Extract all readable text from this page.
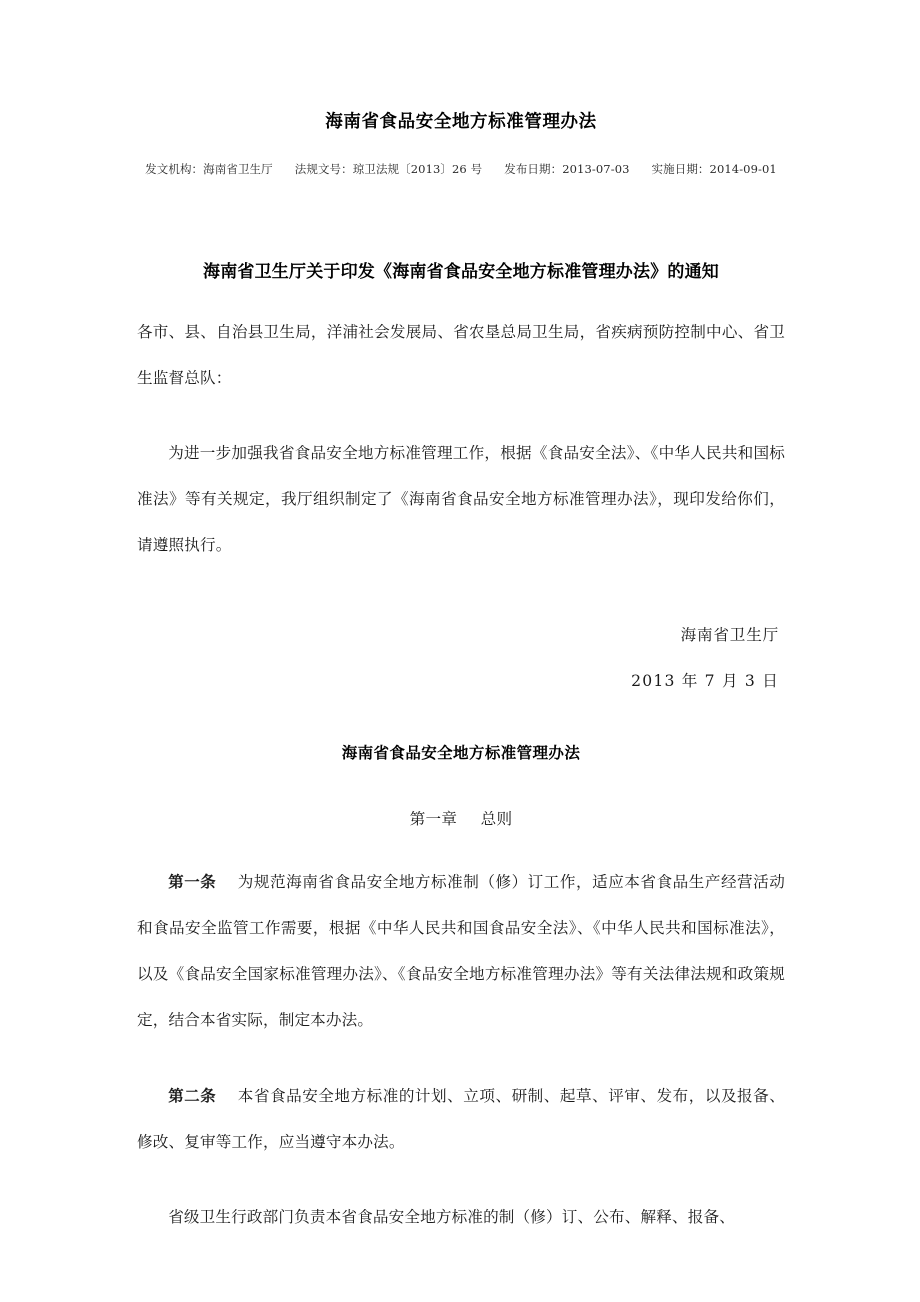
海南省食品安全地方标准管理办法
发文机构：海南省卫生厅 法规文号：琼卫法规〔2013〕26 号 发布日期：2013-07-03 实施日期：2014-09-01
海南省卫生厅关于印发《海南省食品安全地方标准管理办法》的通知

各市、县、自治县卫生局，洋浦社会发展局、省农垦总局卫生局，省疾病预防控制中心、省卫生监督总队：

为进一步加强我省食品安全地方标准管理工作，根据《食品安全法》、《中华人民共和国标准法》等有关规定，我厅组织制定了《海南省食品安全地方标准管理办法》，现印发给你们，请遵照执行。

海南省卫生厅
2013 年 7 月 3 日
海南省食品安全地方标准管理办法

第一章 总则

第一条 为规范海南省食品安全地方标准制（修）订工作，适应本省食品生产经营活动和食品安全监管工作需要，根据《中华人民共和国食品安全法》、《中华人民共和国标准法》，以及《食品安全国家标准管理办法》、《食品安全地方标准管理办法》等有关法律法规和政策规定，结合本省实际，制定本办法。

第二条 本省食品安全地方标准的计划、立项、研制、起草、评审、发布，以及报备、修改、复审等工作，应当遵守本办法。

省级卫生行政部门负责本省食品安全地方标准的制（修）订、公布、解释、报备、
